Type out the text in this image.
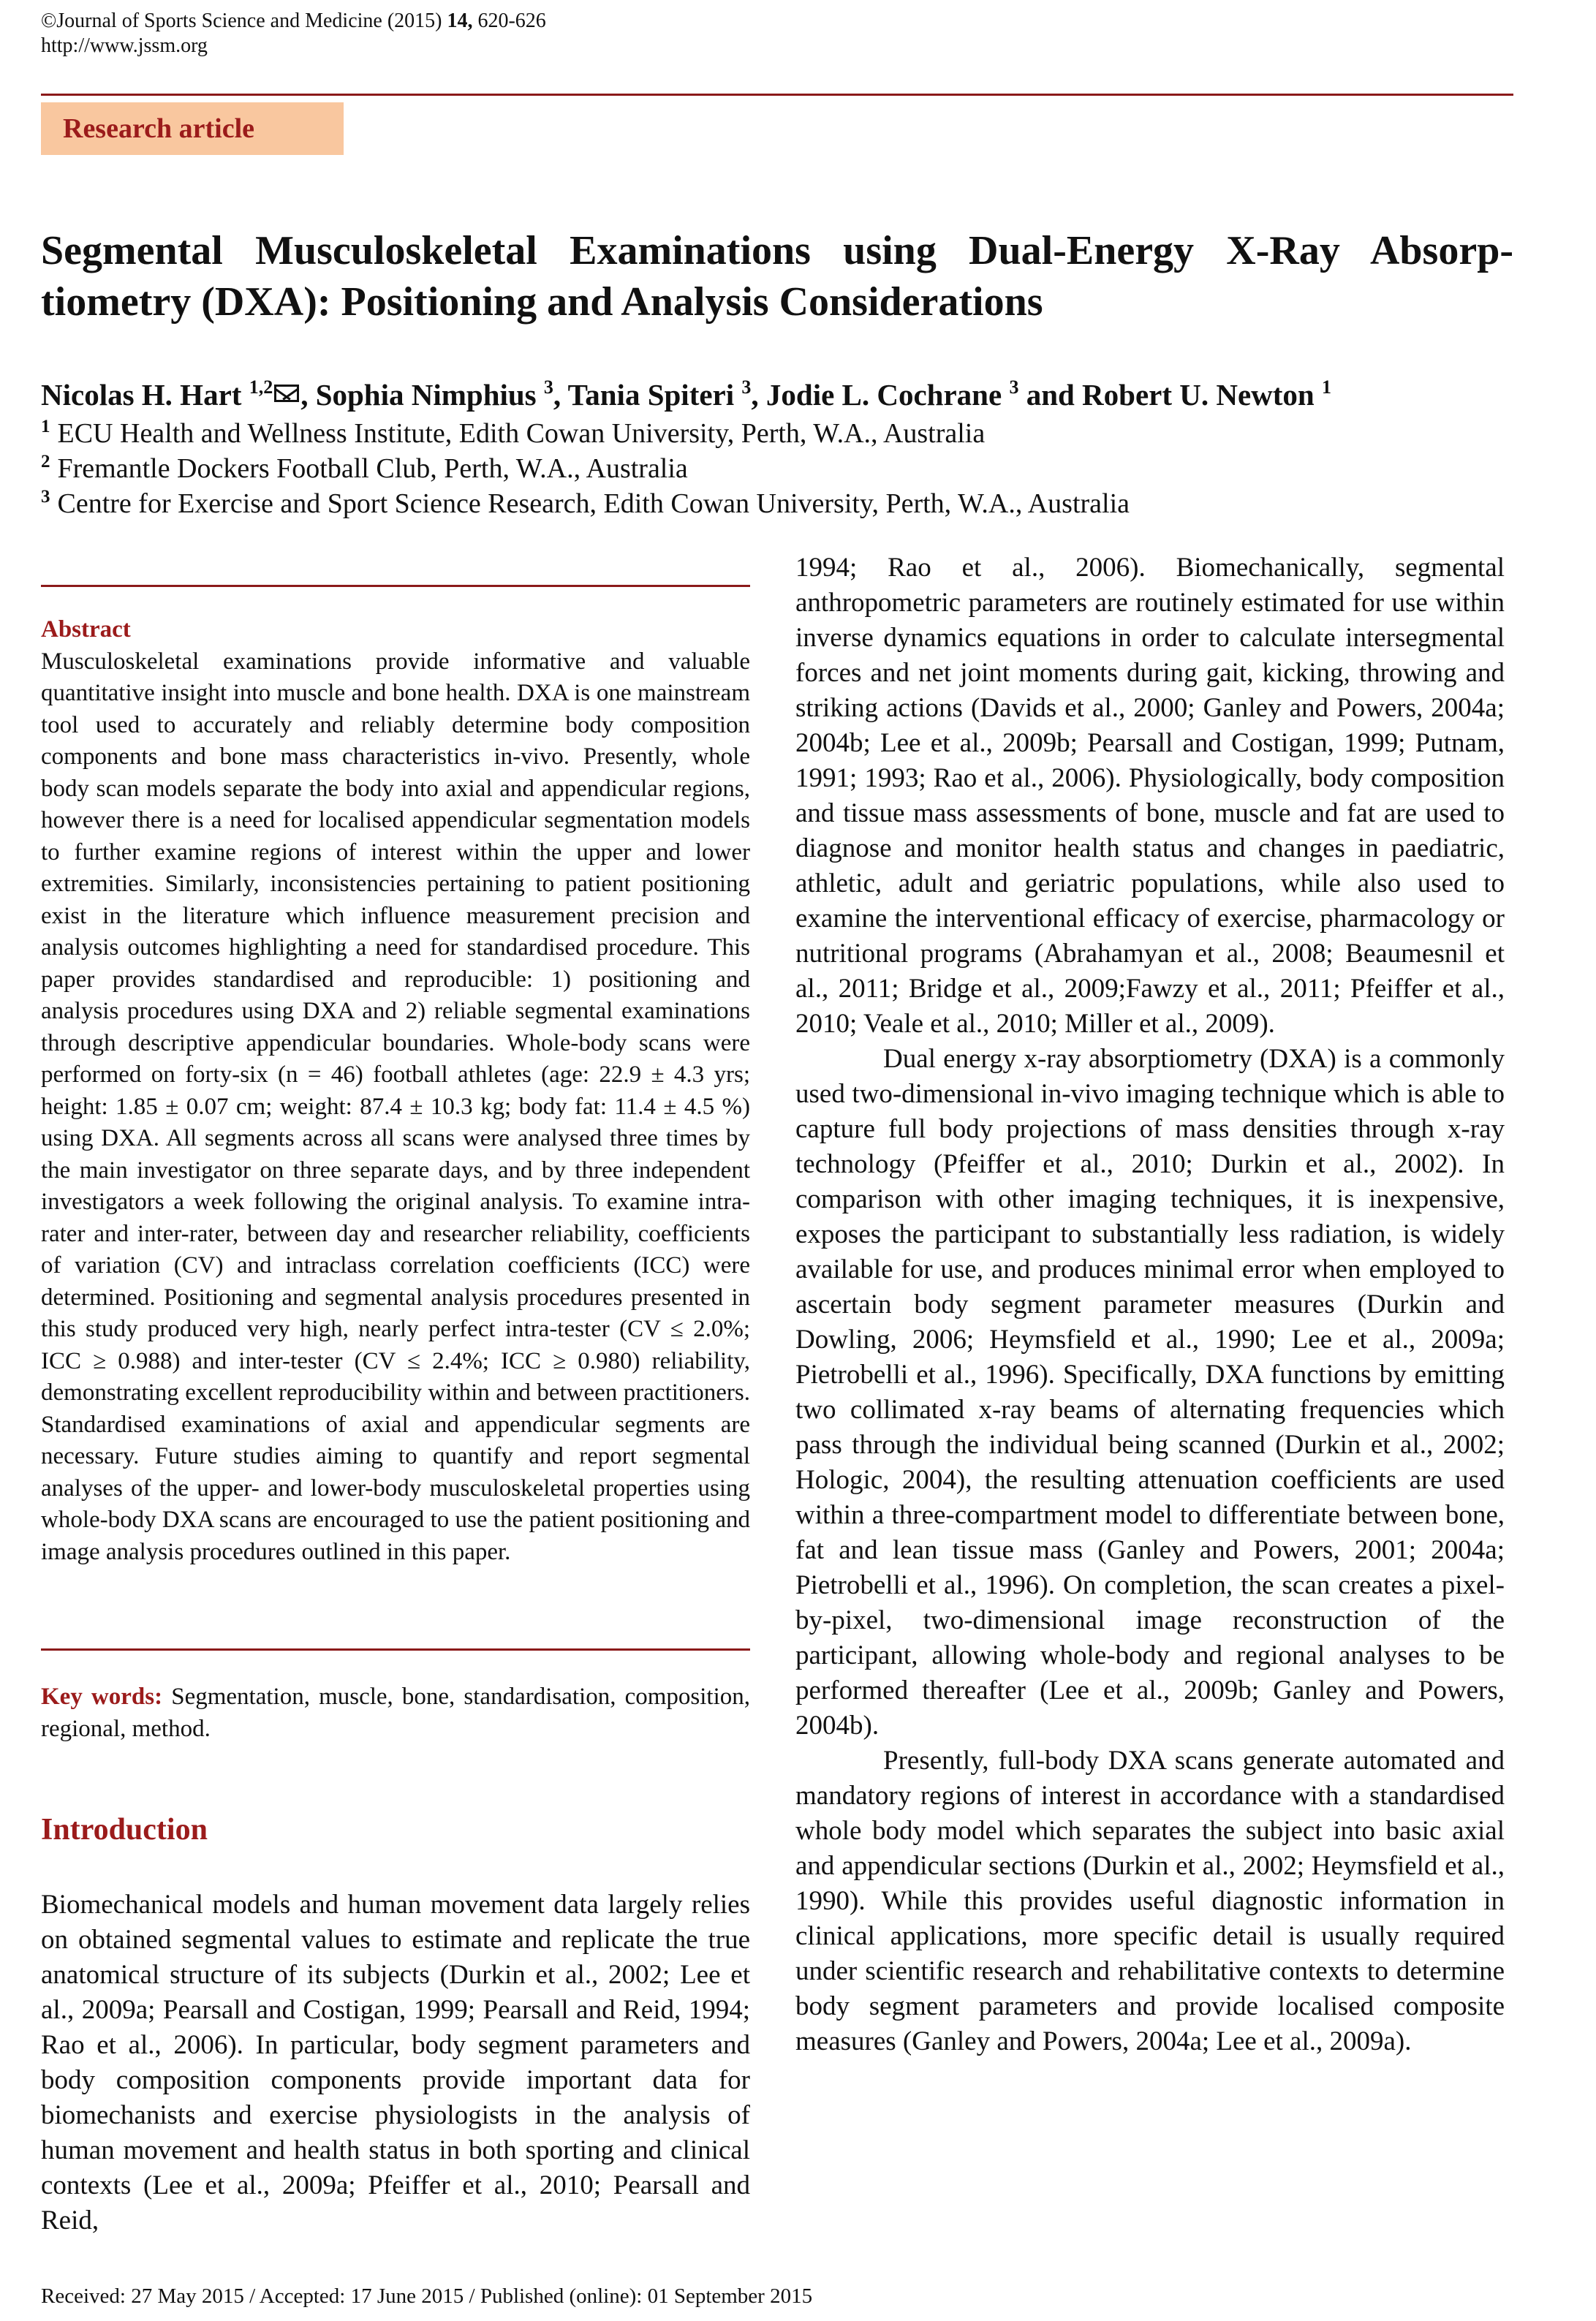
©Journal of Sports Science and Medicine (2015) 14, 620-626
http://www.jssm.org
Research article
Segmental Musculoskeletal Examinations using Dual-Energy X-Ray Absorp-tiometry (DXA): Positioning and Analysis Considerations
Nicolas H. Hart $^{1,2}$ , Sophia Nimphius $^3$, Tania Spiteri $^3$, Jodie L. Cochrane $^3$ and Robert U. Newton $^1$
$^1$ ECU Health and Wellness Institute, Edith Cowan University, Perth, W.A., Australia
$^2$ Fremantle Dockers Football Club, Perth, W.A., Australia
$^3$ Centre for Exercise and Sport Science Research, Edith Cowan University, Perth, W.A., Australia
Abstract
Musculoskeletal examinations provide informative and valuable quantitative insight into muscle and bone health. DXA is one mainstream tool used to accurately and reliably determine body composition components and bone mass characteristics in-vivo. Presently, whole body scan models separate the body into axial and appendicular regions, however there is a need for localised appendicular segmentation models to further examine regions of interest within the upper and lower extremities. Similarly, inconsistencies pertaining to patient positioning exist in the literature which influence measurement precision and analysis outcomes highlighting a need for standardised procedure. This paper provides standardised and reproducible: 1) positioning and analysis procedures using DXA and 2) reliable segmental examinations through descriptive appendicular boundaries. Whole-body scans were performed on forty-six (n = 46) football athletes (age: 22.9 ± 4.3 yrs; height: 1.85 ± 0.07 cm; weight: 87.4 ± 10.3 kg; body fat: 11.4 ± 4.5 %) using DXA. All segments across all scans were analysed three times by the main investigator on three separate days, and by three independent investigators a week following the original analysis. To examine intra-rater and inter-rater, between day and researcher reliability, coefficients of variation (CV) and intraclass correlation coefficients (ICC) were determined. Positioning and segmental analysis procedures presented in this study produced very high, nearly perfect intra-tester (CV ≤ 2.0%; ICC ≥ 0.988) and inter-tester (CV ≤ 2.4%; ICC ≥ 0.980) reliability, demonstrating excellent reproducibility within and between practitioners. Standardised examinations of axial and appendicular segments are necessary. Future studies aiming to quantify and report segmental analyses of the upper- and lower-body musculoskeletal properties using whole-body DXA scans are encouraged to use the patient positioning and image analysis procedures outlined in this paper.
Key words: Segmentation, muscle, bone, standardisation, composition, regional, method.
Introduction

Biomechanical models and human movement data largely relies on obtained segmental values to estimate and replicate the true anatomical structure of its subjects (Durkin et al., 2002; Lee et al., 2009a; Pearsall and Costigan, 1999; Pearsall and Reid, 1994; Rao et al., 2006). In particular, body segment parameters and body composition components provide important data for biomechanists and exercise physiologists in the analysis of human movement and health status in both sporting and clinical contexts (Lee et al., 2009a; Pfeiffer et al., 2010; Pearsall and Reid,

1994; Rao et al., 2006). Biomechanically, segmental anthropometric parameters are routinely estimated for use within inverse dynamics equations in order to calculate intersegmental forces and net joint moments during gait, kicking, throwing and striking actions (Davids et al., 2000; Ganley and Powers, 2004a; 2004b; Lee et al., 2009b; Pearsall and Costigan, 1999; Putnam, 1991; 1993; Rao et al., 2006). Physiologically, body composition and tissue mass assessments of bone, muscle and fat are used to diagnose and monitor health status and changes in paediatric, athletic, adult and geriatric populations, while also used to examine the interventional efficacy of exercise, pharmacology or nutritional programs (Abrahamyan et al., 2008; Beaumesnil et al., 2011; Bridge et al., 2009;Fawzy et al., 2011; Pfeiffer et al., 2010; Veale et al., 2010; Miller et al., 2009).

Dual energy x-ray absorptiometry (DXA) is a commonly used two-dimensional in-vivo imaging technique which is able to capture full body projections of mass densities through x-ray technology (Pfeiffer et al., 2010; Durkin et al., 2002). In comparison with other imaging techniques, it is inexpensive, exposes the participant to substantially less radiation, is widely available for use, and produces minimal error when employed to ascertain body segment parameter measures (Durkin and Dowling, 2006; Heymsfield et al., 1990; Lee et al., 2009a; Pietrobelli et al., 1996). Specifically, DXA functions by emitting two collimated x-ray beams of alternating frequencies which pass through the individual being scanned (Durkin et al., 2002; Hologic, 2004), the resulting attenuation coefficients are used within a three-compartment model to differentiate between bone, fat and lean tissue mass (Ganley and Powers, 2001; 2004a; Pietrobelli et al., 1996). On completion, the scan creates a pixel-by-pixel, two-dimensional image reconstruction of the participant, allowing whole-body and regional analyses to be performed thereafter (Lee et al., 2009b; Ganley and Powers, 2004b).

Presently, full-body DXA scans generate automated and mandatory regions of interest in accordance with a standardised whole body model which separates the subject into basic axial and appendicular sections (Durkin et al., 2002; Heymsfield et al., 1990). While this provides useful diagnostic information in clinical applications, more specific detail is usually required under scientific research and rehabilitative contexts to determine body segment parameters and provide localised composite measures (Ganley and Powers, 2004a; Lee et al., 2009a).

Received: 27 May 2015 / Accepted: 17 June 2015 / Published (online): 01 September 2015
